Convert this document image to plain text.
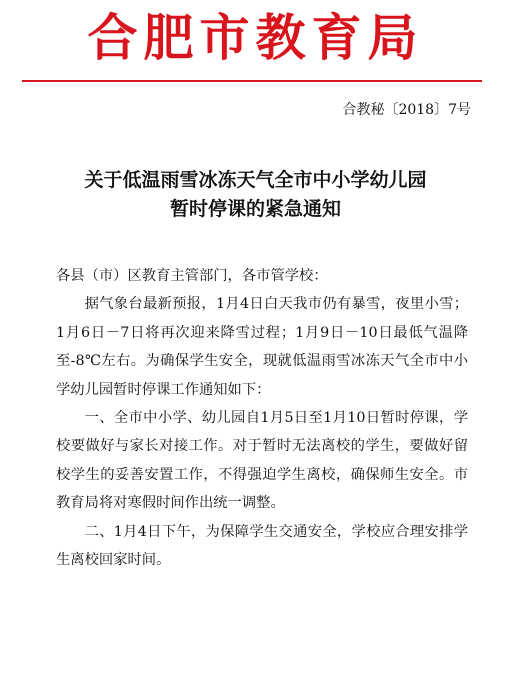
合肥市教育局
合教秘〔2018〕7号
关于低温雨雪冰冻天气全市中小学幼儿园
暂时停课的紧急通知

各县（市）区教育主管部门，各市管学校：

据气象台最新预报，1月4日白天我市仍有暴雪，夜里小雪；1月6日－7日将再次迎来降雪过程；1月9日－10日最低气温降至-8℃左右。为确保学生安全，现就低温雨雪冰冻天气全市中小学幼儿园暂时停课工作通知如下：

一、全市中小学、幼儿园自1月5日至1月10日暂时停课，学校要做好与家长对接工作。对于暂时无法离校的学生，要做好留校学生的妥善安置工作，不得强迫学生离校，确保师生安全。市教育局将对寒假时间作出统一调整。

二、1月4日下午，为保障学生交通安全，学校应合理安排学生离校回家时间。
